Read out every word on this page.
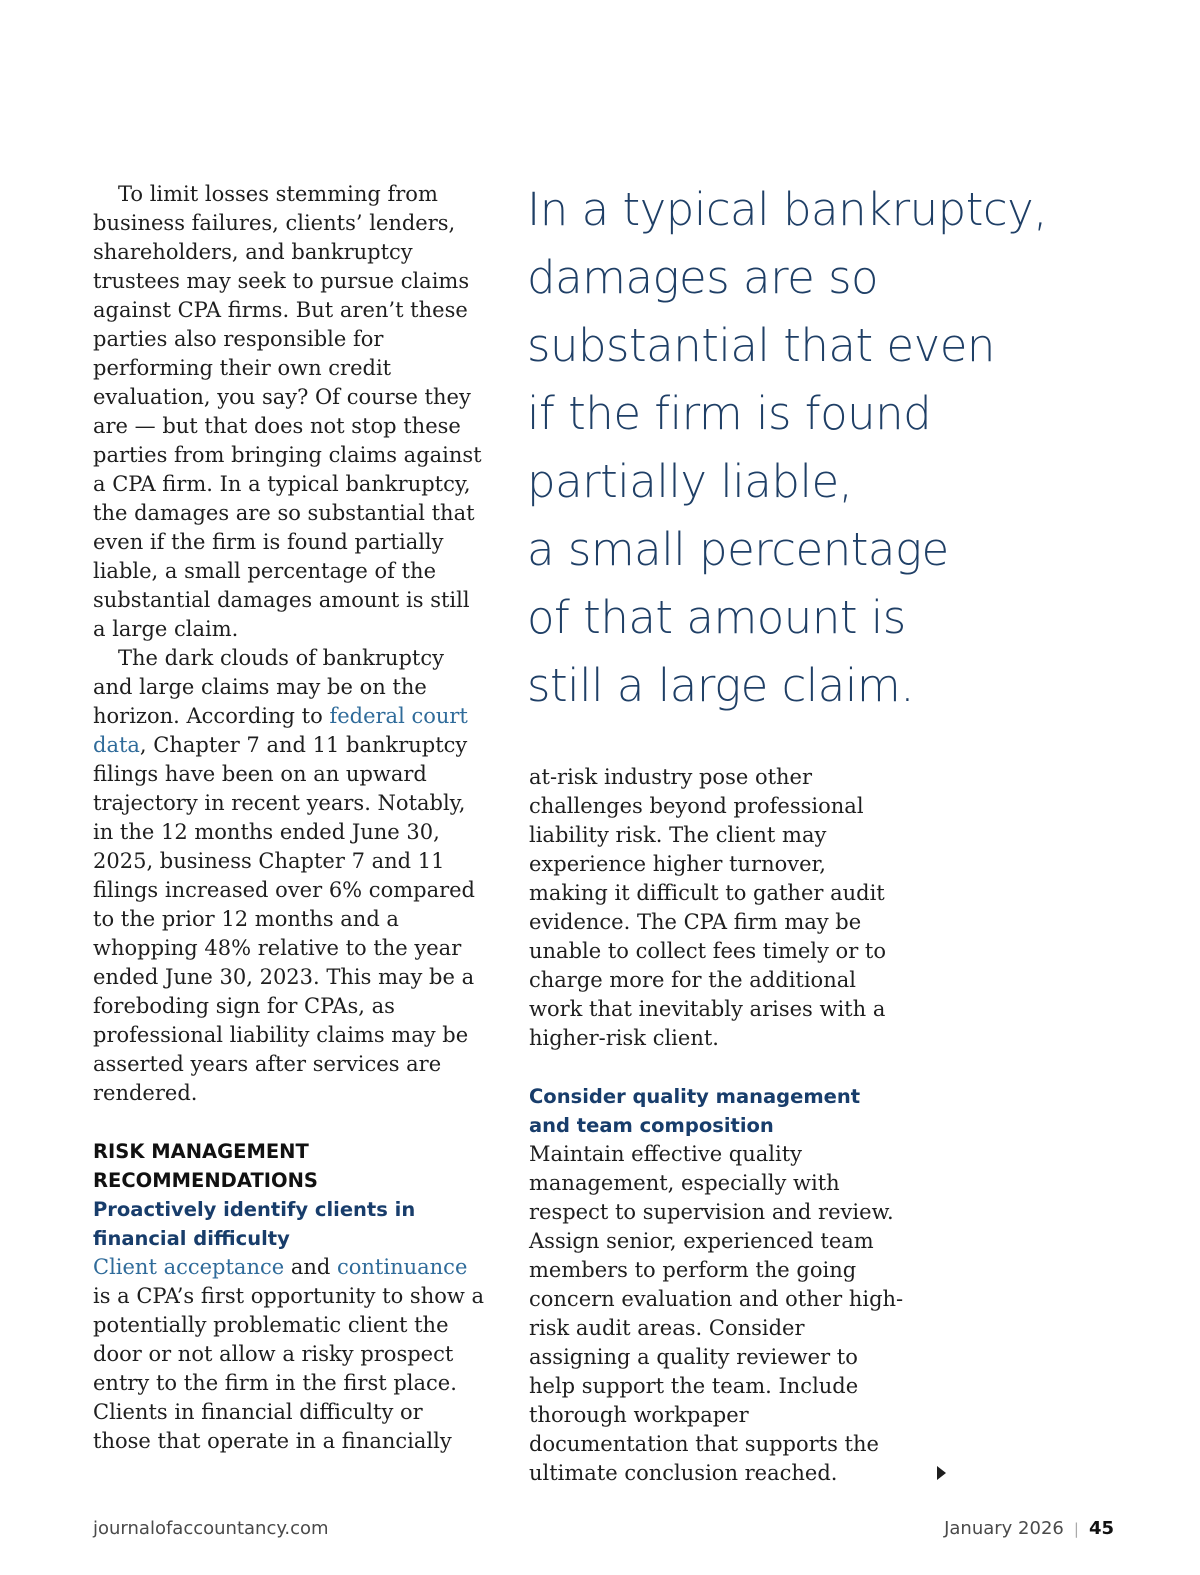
To limit losses stemming from business failures, clients’ lenders, shareholders, and bankruptcy trustees may seek to pursue claims against CPA firms. But aren’t these parties also responsible for performing their own credit evaluation, you say? Of course they are — but that does not stop these parties from bringing claims against a CPA firm. In a typical bankruptcy, the damages are so substantial that even if the firm is found partially liable, a small percentage of the substantial damages amount is still a large claim.

The dark clouds of bankruptcy and large claims may be on the horizon. According to federal court data, Chapter 7 and 11 bankruptcy filings have been on an upward trajectory in recent years. Notably, in the 12 months ended June 30, 2025, business Chapter 7 and 11 filings increased over 6% compared to the prior 12 months and a whopping 48% relative to the year ended June 30, 2023. This may be a foreboding sign for CPAs, as professional liability claims may be asserted years after services are rendered.

RISK MANAGEMENT
RECOMMENDATIONS

Proactively identify clients in
financial difficulty

Client acceptance and continuance is a CPA’s first opportunity to show a potentially problematic client the door or not allow a risky prospect entry to the firm in the first place. Clients in financial difficulty or those that operate in a financially

In a typical bankruptcy,
damages are so
substantial that even
if the firm is found
partially liable,
a small percentage
of that amount is
still a large claim.

at-risk industry pose other challenges beyond professional liability risk. The client may experience higher turnover, making it difficult to gather audit evidence. The CPA firm may be unable to collect fees timely or to charge more for the additional work that inevitably arises with a higher-risk client.

Consider quality management
and team composition

Maintain effective quality management, especially with respect to supervision and review. Assign senior, experienced team members to perform the going concern evaluation and other high-risk audit areas. Consider assigning a quality reviewer to help support the team. Include thorough workpaper documentation that supports the ultimate conclusion reached.

journalofaccountancy.com	January 2026 | 45
